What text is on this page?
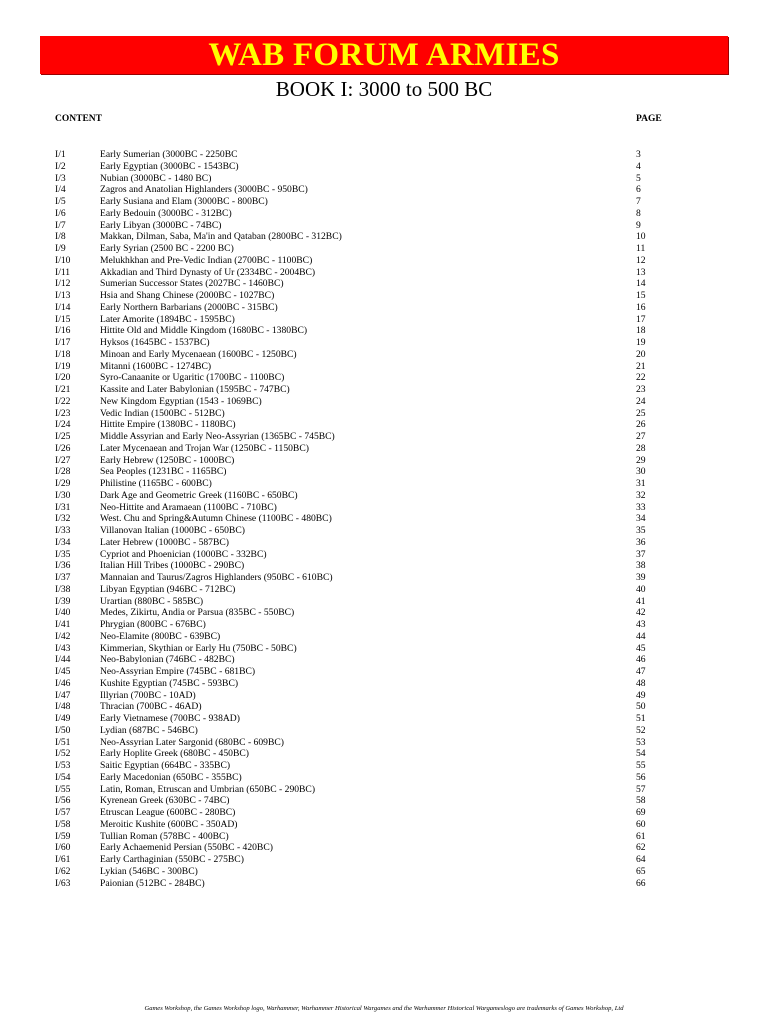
WAB FORUM ARMIES
BOOK I: 3000 to 500 BC
CONTENT	PAGE
I/1	Early Sumerian (3000BC - 2250BC	3
I/2	Early Egyptian (3000BC - 1543BC)	4
I/3	Nubian (3000BC - 1480 BC)	5
I/4	Zagros and Anatolian Highlanders (3000BC - 950BC)	6
I/5	Early Susiana and Elam (3000BC - 800BC)	7
I/6	Early Bedouin (3000BC - 312BC)	8
I/7	Early Libyan (3000BC - 74BC)	9
I/8	Makkan, Dilman, Saba, Ma'in and Qataban (2800BC - 312BC)	10
I/9	Early Syrian (2500 BC - 2200 BC)	11
I/10	Melukhkhan and Pre-Vedic Indian (2700BC - 1100BC)	12
I/11	Akkadian and Third Dynasty of Ur (2334BC - 2004BC)	13
I/12	Sumerian Successor States (2027BC - 1460BC)	14
I/13	Hsia and Shang Chinese (2000BC - 1027BC)	15
I/14	Early Northern Barbarians (2000BC - 315BC)	16
I/15	Later Amorite (1894BC - 1595BC)	17
I/16	Hittite Old and Middle Kingdom (1680BC - 1380BC)	18
I/17	Hyksos (1645BC - 1537BC)	19
I/18	Minoan and Early Mycenaean (1600BC - 1250BC)	20
I/19	Mitanni (1600BC - 1274BC)	21
I/20	Syro-Canaanite or Ugaritic (1700BC - 1100BC)	22
I/21	Kassite and Later Babylonian (1595BC - 747BC)	23
I/22	New Kingdom Egyptian (1543 - 1069BC)	24
I/23	Vedic Indian (1500BC - 512BC)	25
I/24	Hittite Empire (1380BC - 1180BC)	26
I/25	Middle Assyrian and Early Neo-Assyrian (1365BC - 745BC)	27
I/26	Later Mycenaean and Trojan War (1250BC - 1150BC)	28
I/27	Early Hebrew (1250BC - 1000BC)	29
I/28	Sea Peoples (1231BC - 1165BC)	30
I/29	Philistine (1165BC - 600BC)	31
I/30	Dark Age and Geometric Greek (1160BC - 650BC)	32
I/31	Neo-Hittite and Aramaean (1100BC - 710BC)	33
I/32	West. Chu and Spring&Autumn Chinese (1100BC - 480BC)	34
I/33	Villanovan Italian (1000BC - 650BC)	35
I/34	Later Hebrew (1000BC - 587BC)	36
I/35	Cypriot and Phoenician (1000BC - 332BC)	37
I/36	Italian Hill Tribes (1000BC - 290BC)	38
I/37	Mannaian and Taurus/Zagros Highlanders (950BC - 610BC)	39
I/38	Libyan Egyptian (946BC - 712BC)	40
I/39	Urartian (880BC - 585BC)	41
I/40	Medes, Zikirtu, Andia or Parsua (835BC - 550BC)	42
I/41	Phrygian (800BC - 676BC)	43
I/42	Neo-Elamite (800BC - 639BC)	44
I/43	Kimmerian, Skythian or Early Hu (750BC - 50BC)	45
I/44	Neo-Babylonian (746BC - 482BC)	46
I/45	Neo-Assyrian Empire (745BC - 681BC)	47
I/46	Kushite Egyptian (745BC - 593BC)	48
I/47	Illyrian (700BC - 10AD)	49
I/48	Thracian (700BC - 46AD)	50
I/49	Early Vietnamese (700BC - 938AD)	51
I/50	Lydian (687BC - 546BC)	52
I/51	Neo-Assyrian Later Sargonid (680BC - 609BC)	53
I/52	Early Hoplite Greek (680BC - 450BC)	54
I/53	Saitic Egyptian (664BC - 335BC)	55
I/54	Early Macedonian (650BC - 355BC)	56
I/55	Latin, Roman, Etruscan and Umbrian (650BC - 290BC)	57
I/56	Kyrenean Greek (630BC - 74BC)	58
I/57	Etruscan League (600BC - 280BC)	69
I/58	Meroitic Kushite (600BC - 350AD)	60
I/59	Tullian Roman (578BC - 400BC)	61
I/60	Early Achaemenid Persian (550BC - 420BC)	62
I/61	Early Carthaginian (550BC - 275BC)	64
I/62	Lykian (546BC - 300BC)	65
I/63	Paionian (512BC - 284BC)	66
Games Workshop, the Games Workshop logo, Warhammer, Warhammer Historical Wargames and the Warhammer Historical Wargameslogo are trademarks of Games Workshop, Ltd
